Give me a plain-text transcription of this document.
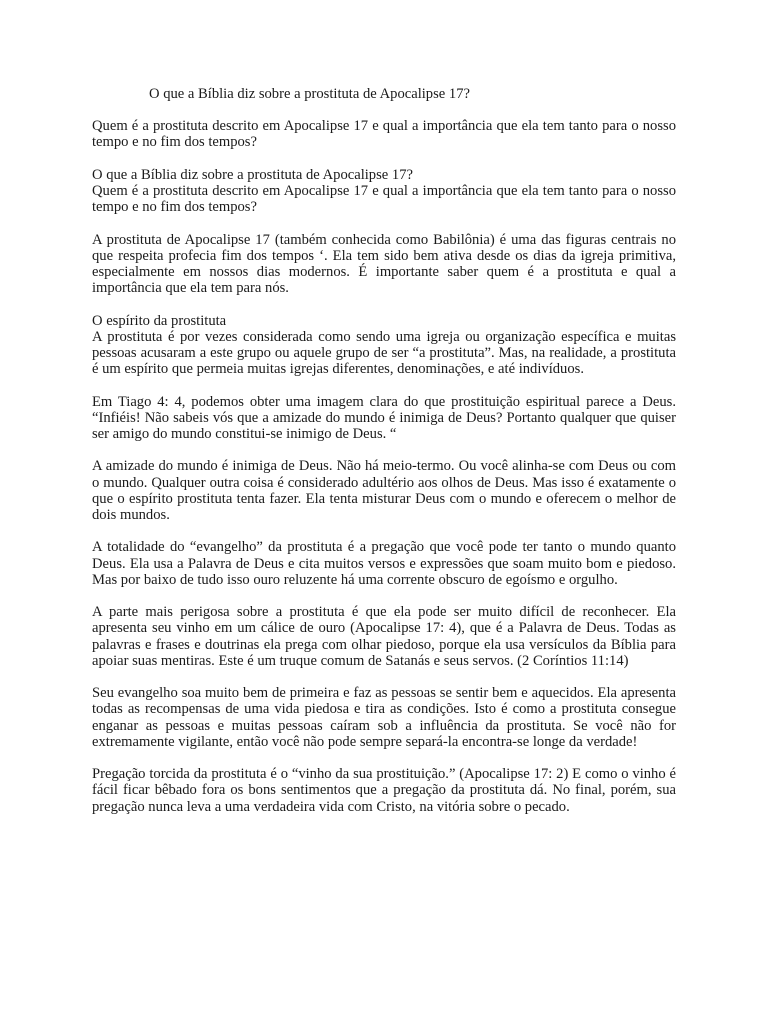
O que a Bíblia diz sobre a prostituta de Apocalipse 17?

Quem é a prostituta descrito em Apocalipse 17 e qual a importância que ela tem tanto para o nosso tempo e no fim dos tempos?

O que a Bíblia diz sobre a prostituta de Apocalipse 17?
Quem é a prostituta descrito em Apocalipse 17 e qual a importância que ela tem tanto para o nosso tempo e no fim dos tempos?

A prostituta de Apocalipse 17 (também conhecida como Babilônia) é uma das figuras centrais no que respeita profecia fim dos tempos ‘. Ela tem sido bem ativa desde os dias da igreja primitiva, especialmente em nossos dias modernos. É importante saber quem é a prostituta e qual a importância que ela tem para nós.

O espírito da prostituta
A prostituta é por vezes considerada como sendo uma igreja ou organização específica e muitas pessoas acusaram a este grupo ou aquele grupo de ser “a prostituta”. Mas, na realidade, a prostituta é um espírito que permeia muitas igrejas diferentes, denominações, e até indivíduos.

Em Tiago 4: 4, podemos obter uma imagem clara do que prostituição espiritual parece a Deus. “Infiéis! Não sabeis vós que a amizade do mundo é inimiga de Deus? Portanto qualquer que quiser ser amigo do mundo constitui-se inimigo de Deus. “

A amizade do mundo é inimiga de Deus. Não há meio-termo. Ou você alinha-se com Deus ou com o mundo. Qualquer outra coisa é considerado adultério aos olhos de Deus. Mas isso é exatamente o que o espírito prostituta tenta fazer. Ela tenta misturar Deus com o mundo e oferecem o melhor de dois mundos.

A totalidade do “evangelho” da prostituta é a pregação que você pode ter tanto o mundo quanto Deus. Ela usa a Palavra de Deus e cita muitos versos e expressões que soam muito bom e piedoso. Mas por baixo de tudo isso ouro reluzente há uma corrente obscuro de egoísmo e orgulho.

A parte mais perigosa sobre a prostituta é que ela pode ser muito difícil de reconhecer. Ela apresenta seu vinho em um cálice de ouro (Apocalipse 17: 4), que é a Palavra de Deus. Todas as palavras e frases e doutrinas ela prega com olhar piedoso, porque ela usa versículos da Bíblia para apoiar suas mentiras. Este é um truque comum de Satanás e seus servos. (2 Coríntios 11:14)

Seu evangelho soa muito bem de primeira e faz as pessoas se sentir bem e aquecidos. Ela apresenta todas as recompensas de uma vida piedosa e tira as condições. Isto é como a prostituta consegue enganar as pessoas e muitas pessoas caíram sob a influência da prostituta. Se você não for extremamente vigilante, então você não pode sempre separá-la encontra-se longe da verdade!

Pregação torcida da prostituta é o “vinho da sua prostituição.” (Apocalipse 17: 2) E como o vinho é fácil ficar bêbado fora os bons sentimentos que a pregação da prostituta dá. No final, porém, sua pregação nunca leva a uma verdadeira vida com Cristo, na vitória sobre o pecado.
